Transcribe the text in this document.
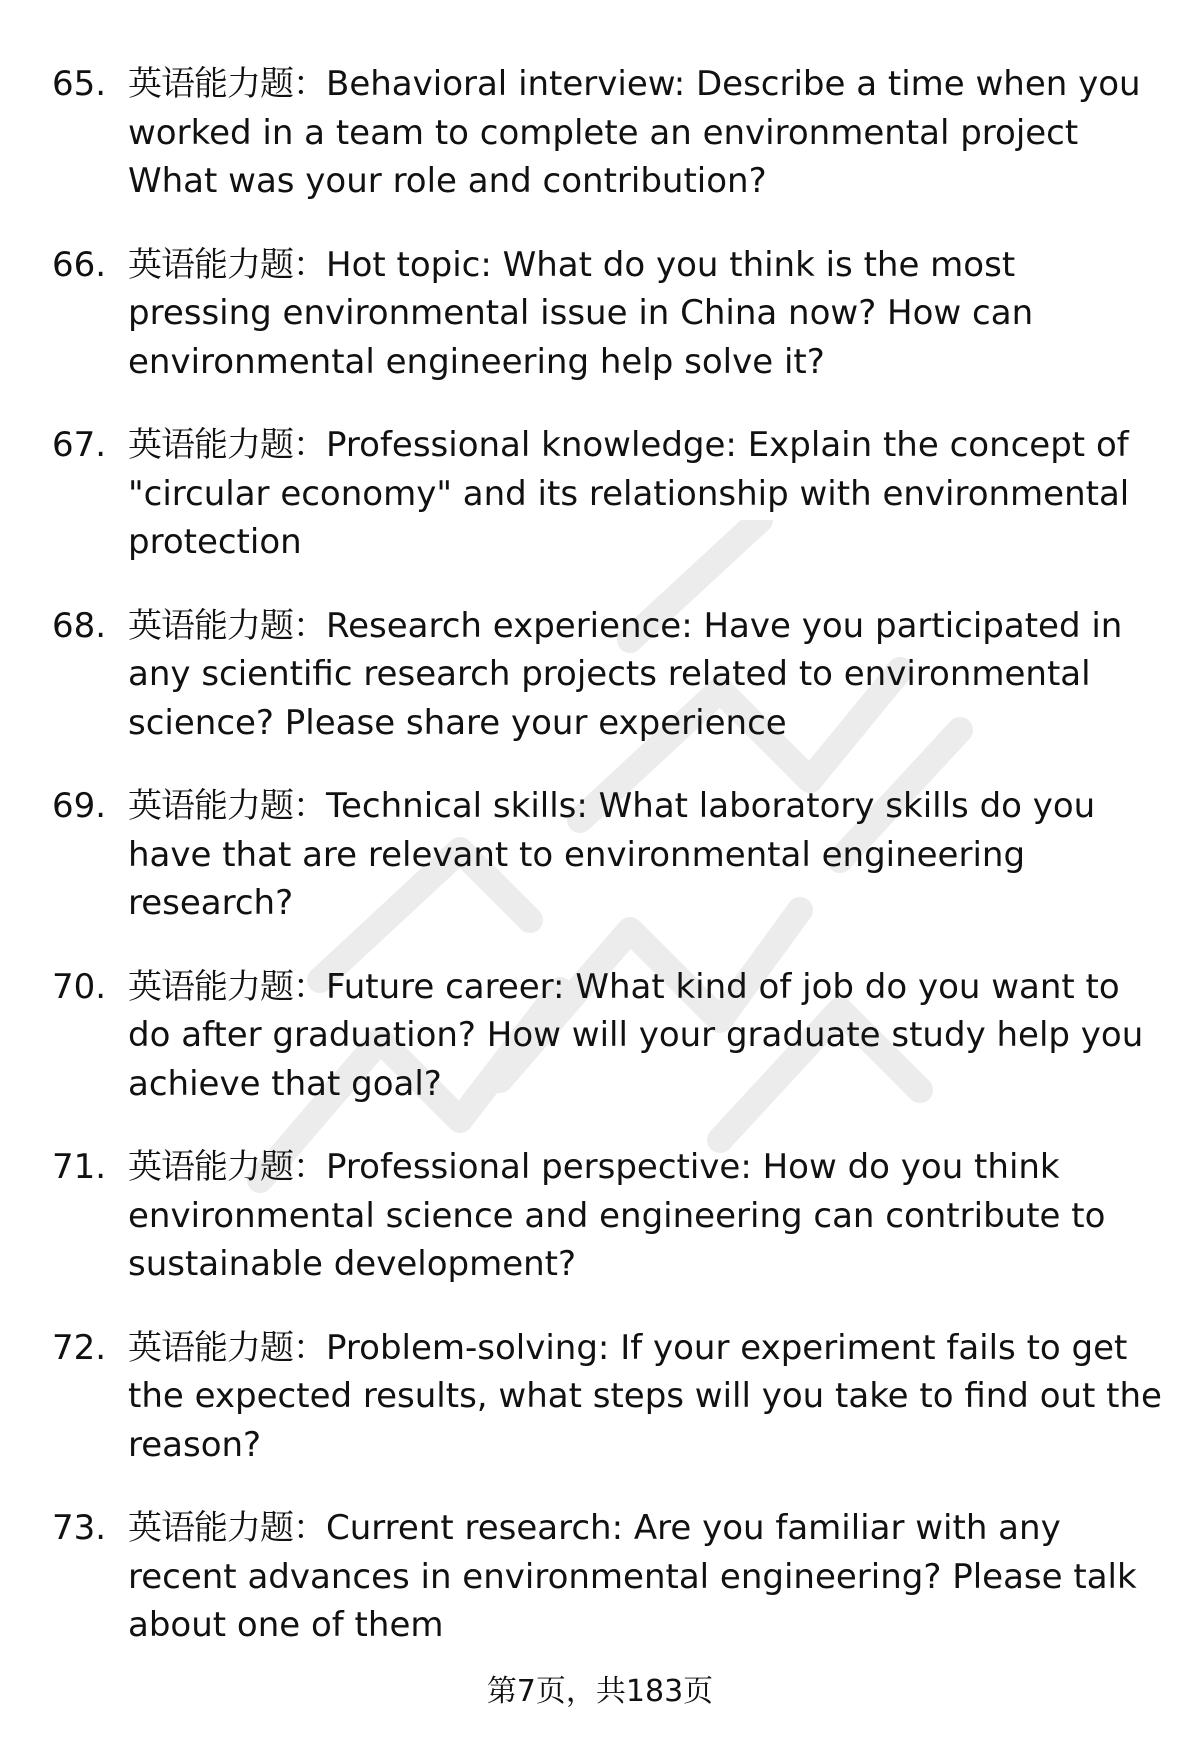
65. 英语能力题：Behavioral interview: Describe a time when you worked in a team to complete an environmental project What was your role and contribution?
66. 英语能力题：Hot topic: What do you think is the most pressing environmental issue in China now? How can environmental engineering help solve it?
67. 英语能力题：Professional knowledge: Explain the concept of "circular economy" and its relationship with environmental protection
68. 英语能力题：Research experience: Have you participated in any scientific research projects related to environmental science? Please share your experience
69. 英语能力题：Technical skills: What laboratory skills do you have that are relevant to environmental engineering research?
70. 英语能力题：Future career: What kind of job do you want to do after graduation? How will your graduate study help you achieve that goal?
71. 英语能力题：Professional perspective: How do you think environmental science and engineering can contribute to sustainable development?
72. 英语能力题：Problem-solving: If your experiment fails to get the expected results, what steps will you take to find out the reason?
73. 英语能力题：Current research: Are you familiar with any recent advances in environmental engineering? Please talk about one of them
第7页，共183页
